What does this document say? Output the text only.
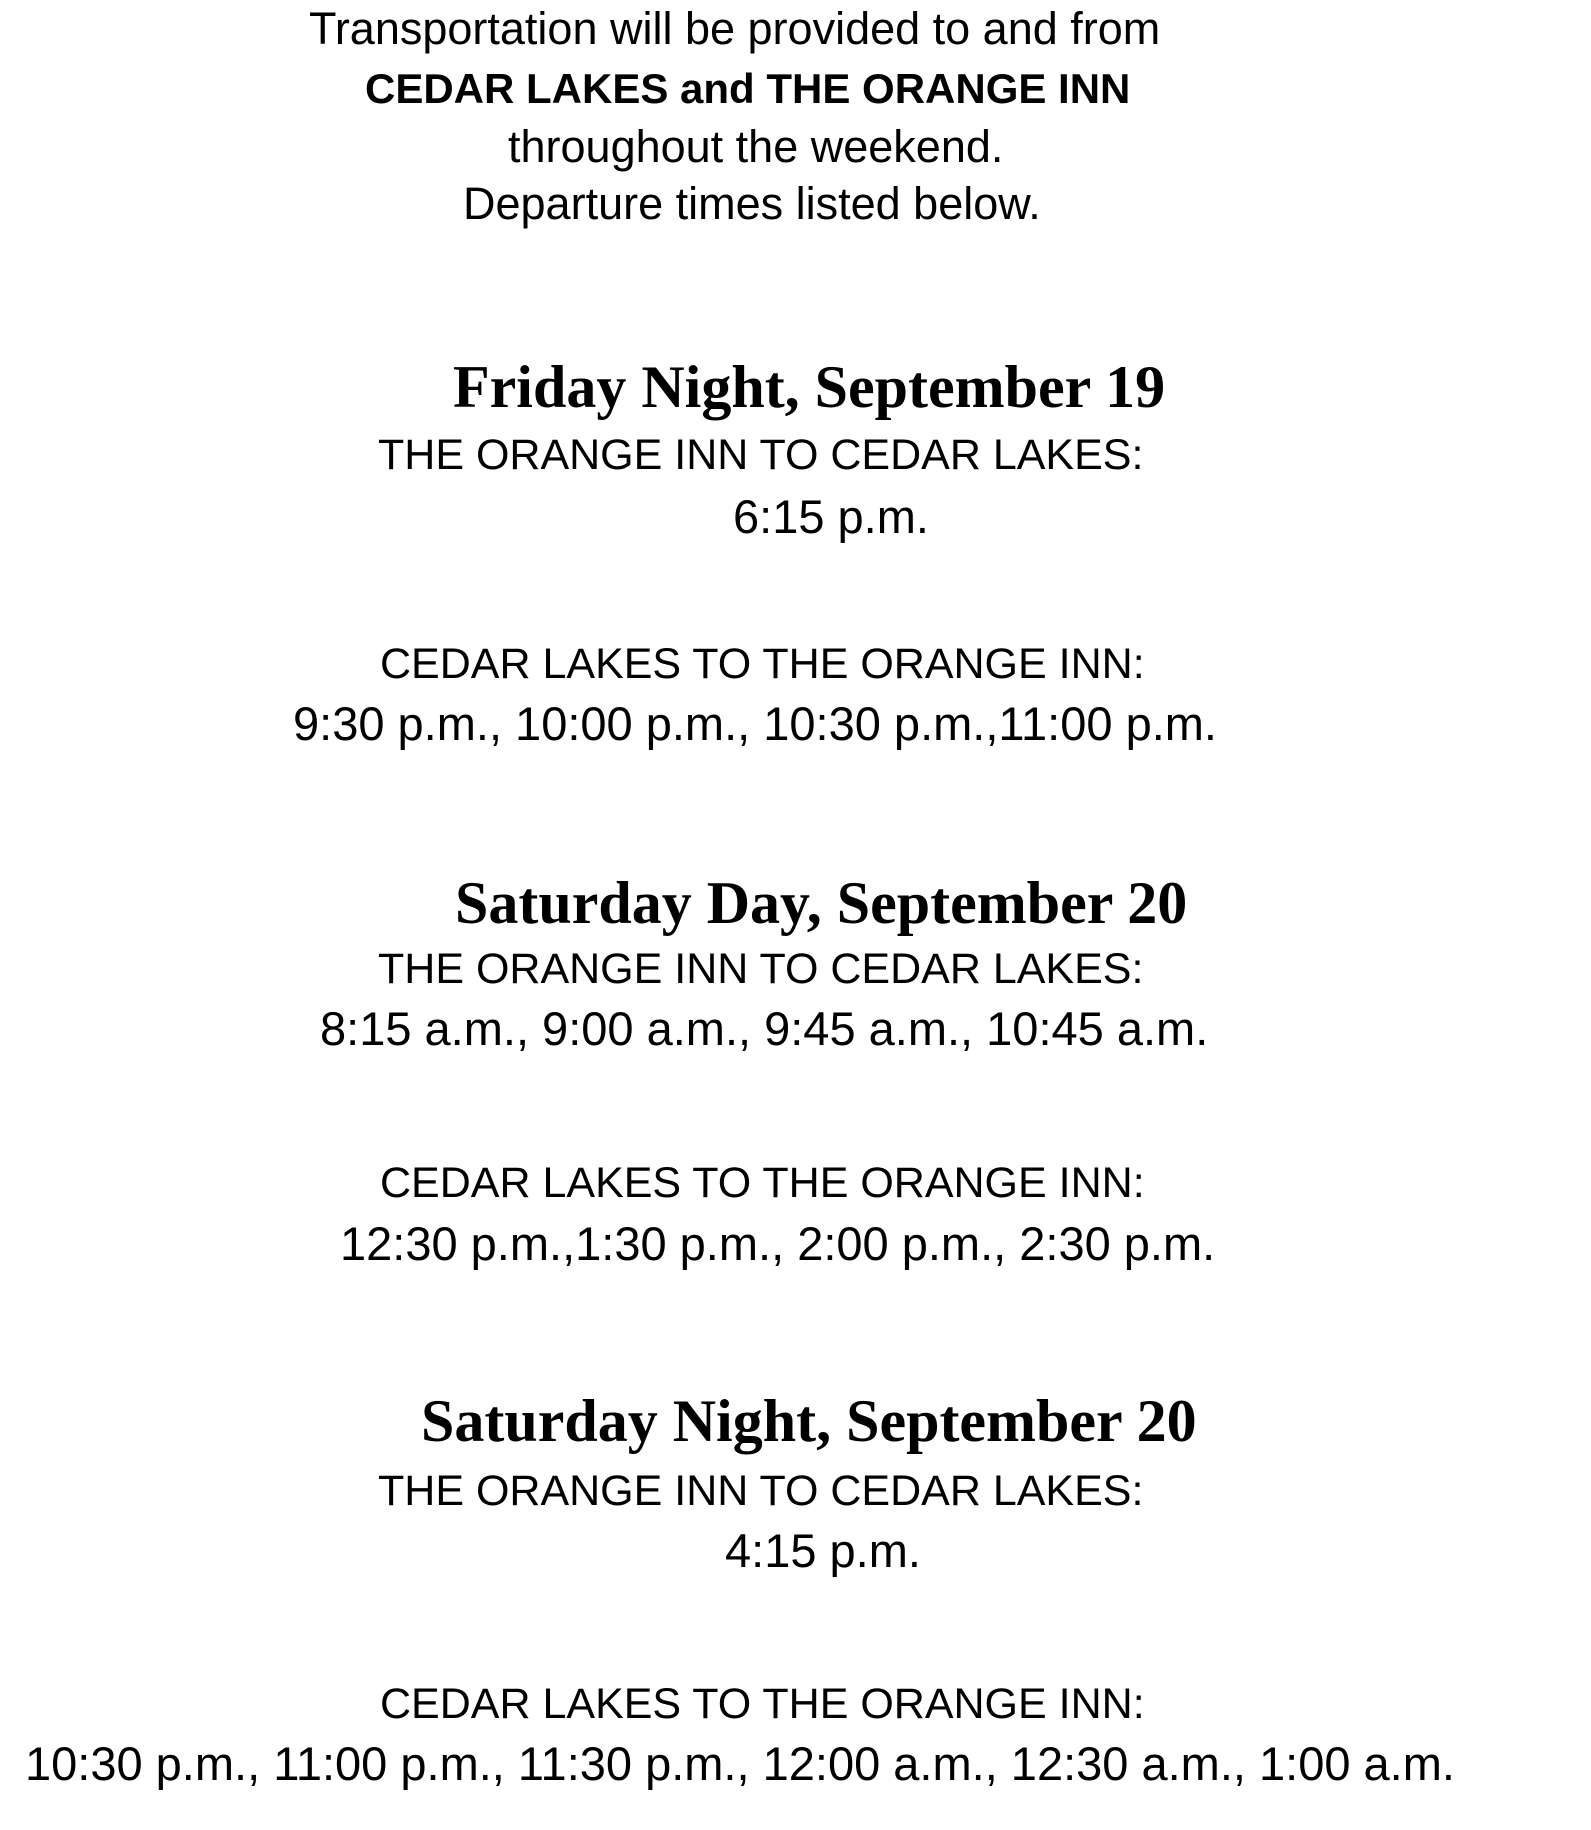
Transportation will be provided to and from
CEDAR LAKES and THE ORANGE INN
throughout the weekend.
Departure times listed below.
Friday Night, September 19
THE ORANGE INN TO CEDAR LAKES:
6:15 p.m.
CEDAR LAKES TO THE ORANGE INN:
9:30 p.m., 10:00 p.m., 10:30 p.m.,11:00 p.m.
Saturday Day, September 20
THE ORANGE INN TO CEDAR LAKES:
8:15 a.m., 9:00 a.m., 9:45 a.m., 10:45 a.m.
CEDAR LAKES TO THE ORANGE INN:
12:30 p.m.,1:30 p.m., 2:00 p.m., 2:30 p.m.
Saturday Night, September 20
THE ORANGE INN TO CEDAR LAKES:
4:15 p.m.
CEDAR LAKES TO THE ORANGE INN:
10:30 p.m., 11:00 p.m., 11:30 p.m., 12:00 a.m., 12:30 a.m., 1:00 a.m.
